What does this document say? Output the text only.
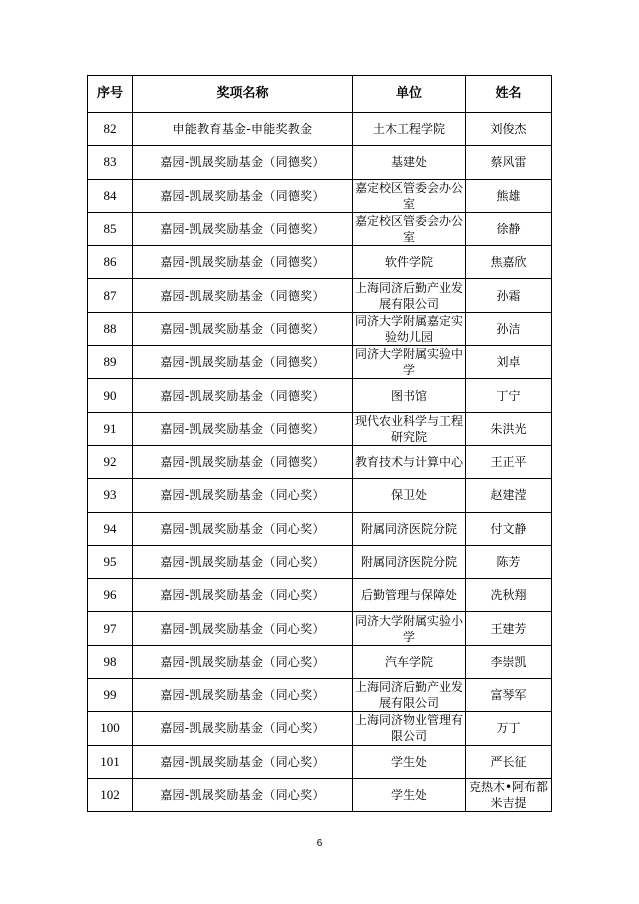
序号	奖项名称	单位	姓名
82	申能教育基金-申能奖教金	土木工程学院	刘俊杰
83	嘉园-凯晟奖励基金（同德奖）	基建处	蔡风雷
84	嘉园-凯晟奖励基金（同德奖）	嘉定校区管委会办公室	熊雄
85	嘉园-凯晟奖励基金（同德奖）	嘉定校区管委会办公室	徐静
86	嘉园-凯晟奖励基金（同德奖）	软件学院	焦嘉欣
87	嘉园-凯晟奖励基金（同德奖）	上海同济后勤产业发展有限公司	孙霜
88	嘉园-凯晟奖励基金（同德奖）	同济大学附属嘉定实验幼儿园	孙洁
89	嘉园-凯晟奖励基金（同德奖）	同济大学附属实验中学	刘卓
90	嘉园-凯晟奖励基金（同德奖）	图书馆	丁宁
91	嘉园-凯晟奖励基金（同德奖）	现代农业科学与工程研究院	朱洪光
92	嘉园-凯晟奖励基金（同德奖）	教育技术与计算中心	王正平
93	嘉园-凯晟奖励基金（同心奖）	保卫处	赵建滢
94	嘉园-凯晟奖励基金（同心奖）	附属同济医院分院	付文静
95	嘉园-凯晟奖励基金（同心奖）	附属同济医院分院	陈芳
96	嘉园-凯晟奖励基金（同心奖）	后勤管理与保障处	冼秋翔
97	嘉园-凯晟奖励基金（同心奖）	同济大学附属实验小学	王建芳
98	嘉园-凯晟奖励基金（同心奖）	汽车学院	李崇凯
99	嘉园-凯晟奖励基金（同心奖）	上海同济后勤产业发展有限公司	富琴军
100	嘉园-凯晟奖励基金（同心奖）	上海同济物业管理有限公司	万丁
101	嘉园-凯晟奖励基金（同心奖）	学生处	严长征
102	嘉园-凯晟奖励基金（同心奖）	学生处	克热木•阿布都米吉提
6
